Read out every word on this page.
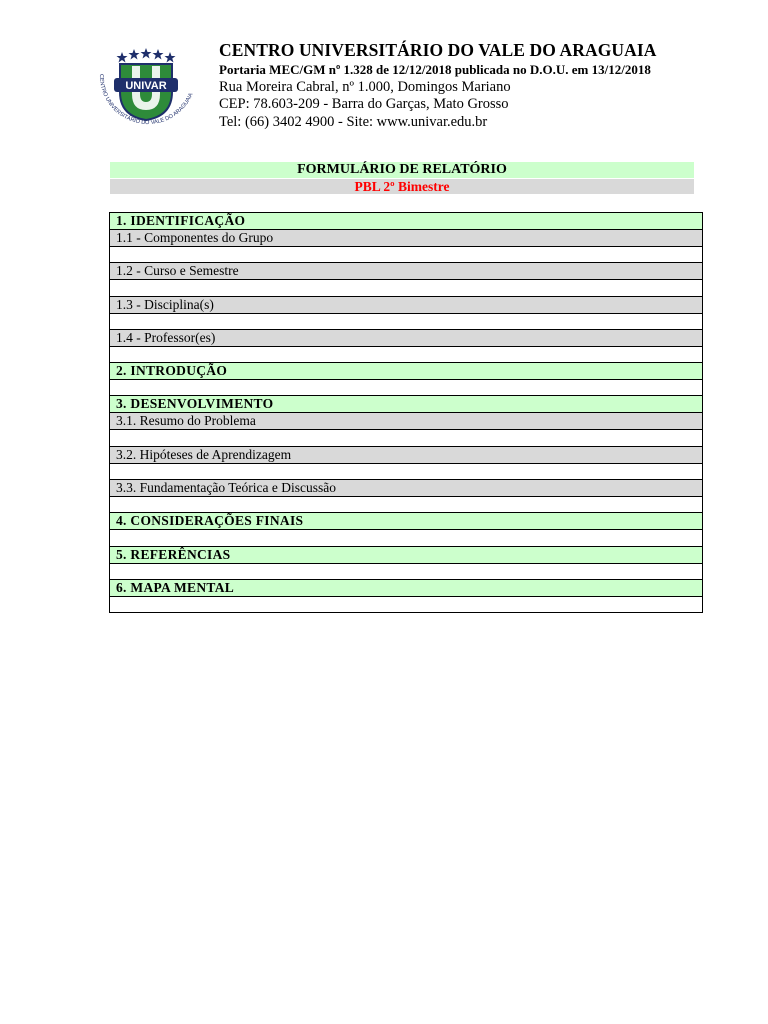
UNIVAR
CENTRO UNIVERSITÁRIO DO VALE DO ARAGUAIA
CENTRO UNIVERSITÁRIO DO VALE DO ARAGUAIA
Portaria MEC/GM nº 1.328 de 12/12/2018 publicada no D.O.U. em 13/12/2018
Rua Moreira Cabral, nº 1.000, Domingos Mariano
CEP: 78.603-209 - Barra do Garças, Mato Grosso
Tel: (66) 3402 4900 - Site: www.univar.edu.br
FORMULÁRIO DE RELATÓRIO
PBL 2º Bimestre
1. IDENTIFICAÇÃO
1.1 - Componentes do Grupo

1.2 - Curso e Semestre

1.3 - Disciplina(s)

1.4 - Professor(es)

2. INTRODUÇÃO

3. DESENVOLVIMENTO
3.1. Resumo do Problema

3.2. Hipóteses de Aprendizagem

3.3. Fundamentação Teórica e Discussão

4. CONSIDERAÇÕES FINAIS

5. REFERÊNCIAS

6. MAPA MENTAL
